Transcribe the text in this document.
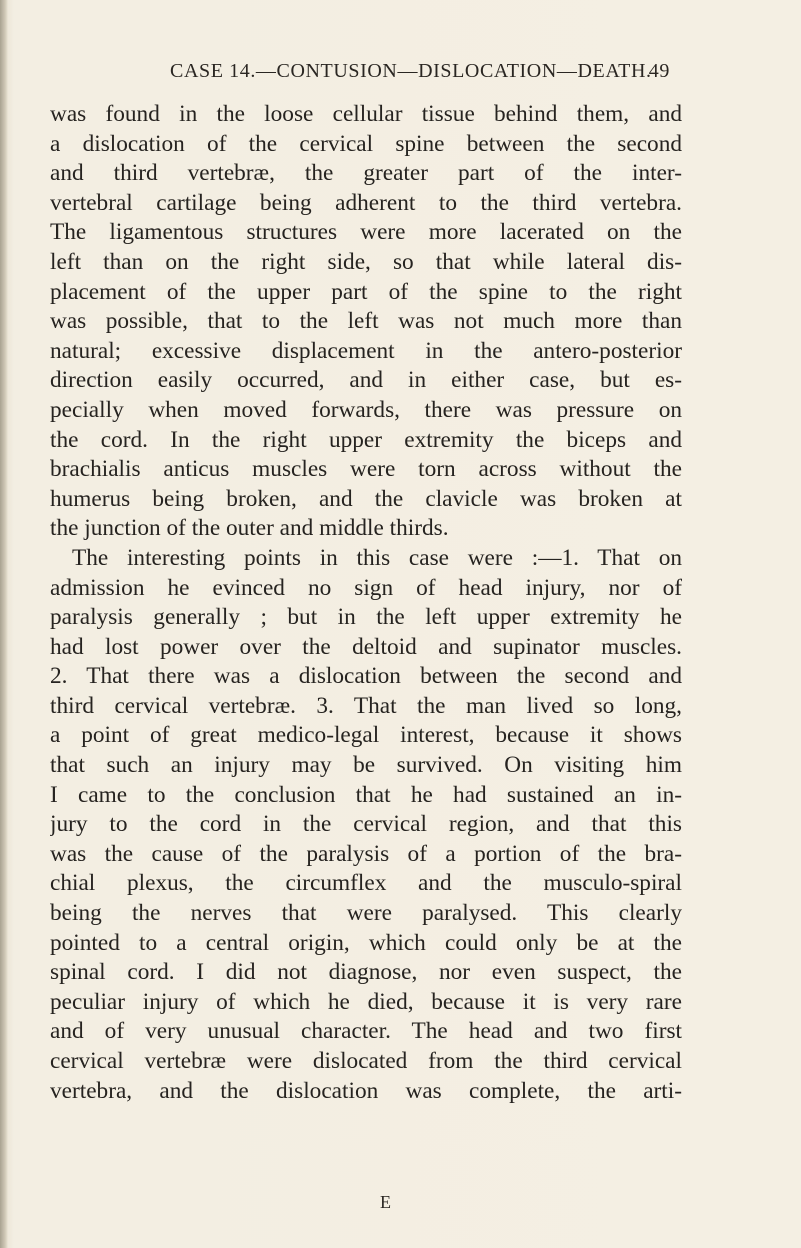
CASE 14.—CONTUSION—DISLOCATION—DEATH.
49
was found in the loose cellular tissue behind them, and
a dislocation of the cervical spine between the second
and third vertebræ, the greater part of the inter-
vertebral cartilage being adherent to the third vertebra.
The ligamentous structures were more lacerated on the
left than on the right side, so that while lateral dis-
placement of the upper part of the spine to the right
was possible, that to the left was not much more than
natural; excessive displacement in the antero-posterior
direction easily occurred, and in either case, but es-
pecially when moved forwards, there was pressure on
the cord. In the right upper extremity the biceps and
brachialis anticus muscles were torn across without the
humerus being broken, and the clavicle was broken at
the junction of the outer and middle thirds.
The interesting points in this case were :—1. That on
admission he evinced no sign of head injury, nor of
paralysis generally ; but in the left upper extremity he
had lost power over the deltoid and supinator muscles.
2. That there was a dislocation between the second and
third cervical vertebræ. 3. That the man lived so long,
a point of great medico-legal interest, because it shows
that such an injury may be survived. On visiting him
I came to the conclusion that he had sustained an in-
jury to the cord in the cervical region, and that this
was the cause of the paralysis of a portion of the bra-
chial plexus, the circumflex and the musculo-spiral
being the nerves that were paralysed. This clearly
pointed to a central origin, which could only be at the
spinal cord. I did not diagnose, nor even suspect, the
peculiar injury of which he died, because it is very rare
and of very unusual character. The head and two first
cervical vertebræ were dislocated from the third cervical
vertebra, and the dislocation was complete, the arti-
E
